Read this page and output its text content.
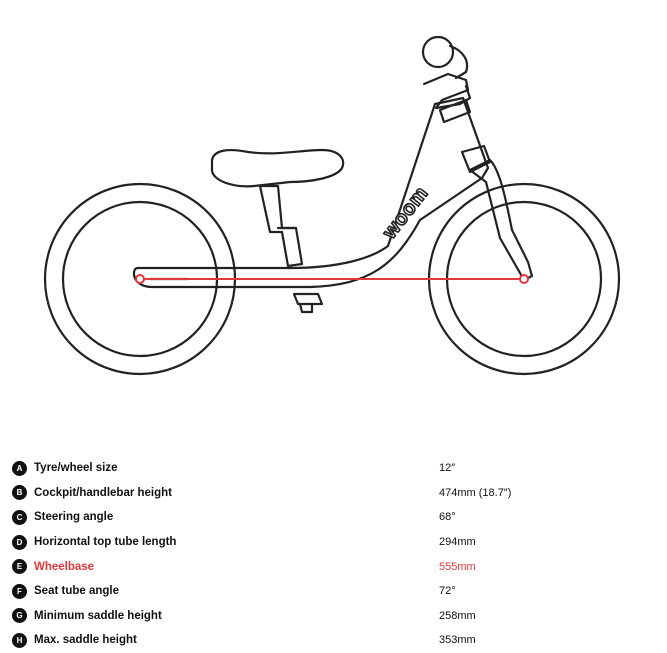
woom
A	Tyre/wheel size	12″
B	Cockpit/handlebar height	474mm (18.7″)
C	Steering angle	68°
D	Horizontal top tube length	294mm
E	Wheelbase	555mm
F	Seat tube angle	72°
G Minimum saddle height	258mm
H	Max. saddle height	353mm
